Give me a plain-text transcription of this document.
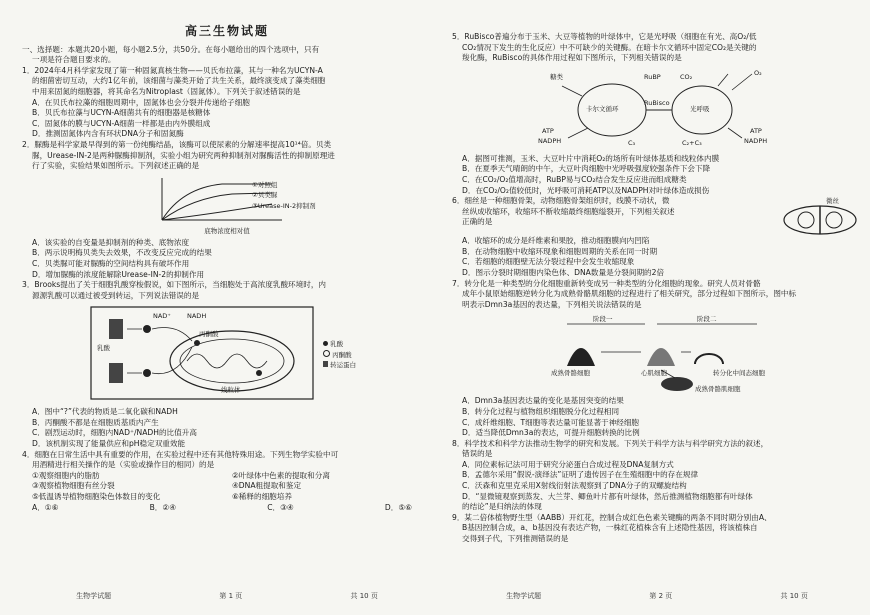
高三生物试题

一、选择题：本题共20小题，每小题2.5分，共50分。在每小题给出的四个选项中，只有

一项是符合题目要求的。

1．2024年4月科学家发现了第一种固氮真核生物——贝氏布拉藻，其与一种名为UCYN-A

的细菌密切互动，大约1亿年前，该细菌与藻类开始了共生关系，最终演变成了藻类细胞

中用来固氮的细胞器，将其命名为Nitroplast（固氮体）。下列关于叙述错误的是

A．在贝氏布拉藻的细胞周期中，固氮体也会分裂并传递给子细胞

B．贝氏布拉藻与UCYN-A细菌共有的细胞器是核糖体

C．固氮体的膜与UCYN-A细菌一样都是由内外膜组成

D．推测固氮体内含有环状DNA分子和固氮酶

2．脲酶是科学家最早得到的第一份纯酶结晶，该酶可以使尿素的分解速率提高10¹⁴倍。贝类

脲，Urease-IN-2是两种脲酶抑制剂，实验小组为研究两种抑制剂对脲酶活性的抑制原理进

行了实验，实验结果如图所示。下列叙述正确的是

①对照组
②贝类脲
③Urease-IN-2抑制剂
底物浓度相对值

A．该实验的自变量是抑制剂的种类、底物浓度

B．两示说明梅贝类失去效果，不改变反应完成的结果

C．贝类脲可能对脲酶的空间结构具有破坏作用

D．增加脲酶的浓度能解除Urease-IN-2的抑制作用

3．Brooks提出了关于细胞乳酸穿梭假说，如下图所示，当细胞处于高浓度乳酸环境时，内

源源乳酸可以通过被受到转运，下列说法错误的是

NAD⁺	NADH
乳酸
丙酮酸
线粒体
乳酸
丙酮酸
转运蛋白

A．图中“?”代表的物质是二氧化碳和NADH

B．丙酮酸不都是在细胞质基质内产生

C．剧烈运动时，细胞内NAD⁺/NADH的比值升高

D．该机制实现了能量供应和pH稳定双重效能

4．细胞在日常生活中具有重要的作用，在实验过程中还有其他特殊用途。下列生物学实验中可

用酒精进行相关操作的是（实验或操作目的相同）的是

①观察细胞内的脂肪	②叶绿体中色素的提取和分离
③观察植物细胞有丝分裂	④DNA粗提取和鉴定
⑤低温诱导植物细胞染色体数目的变化	⑥稀释的细胞培养
A．①⑥	B．②④	C．③④	D．⑤⑥
生物学试题	第 1 页	共 10 页

5．RuBisco普遍分布于玉米、大豆等植物的叶绿体中，它是光呼吸（细胞在有光、高O₂/低

CO₂情况下发生的生化反应）中不可缺少的关键酶。在暗卡尔文循环中固定CO₂是关键的

羧化酶，RuBisco的具体作用过程如下图所示，下列相关错误的是

糖类	RuBP	CO₂	O₂
卡尔文循环
RuBisco
光呼吸
ATP
NADPH	C₃	C₂+C₃
ATP
NADPH

A．据图可推测，玉米、大豆叶片中消耗O₂的场所有叶绿体基质和线粒体内膜

B．在夏季天气晴朗的中午，大豆叶肉细胞中光呼吸强度较强条件下会下降

C．在CO₂/O₂值增高时，RuBP易与CO₂结合发生反应进而组成糖类

D．在CO₂/O₂值较低时，光呼吸可消耗ATP以及NADPH对叶绿体造成损伤

6．细丝是一种细胞骨架，动物细胞骨架组织时，线膜不动状，微

丝纵成收缩环，收缩环不断收缩最终细胞缢裂开，下列相关叙述

正确的是

微丝

A．收缩环的成分是纤维素和果胶，推动细胞膜向内凹陷

B．在动物细胞中收缩环现象和细胞周期的关系在同一时期

C．若细胞的细胞壁无法分裂过程中会发生收缩现象

D．图示分裂时期细胞内染色体、DNA数量是分裂间期的2倍

7．转分化是一种类型的分化细胞重新转变成另一种类型的分化细胞的现象。研究人员对骨骼

成年小鼠原始细胞逆转分化为成熟骨骼肌细胞的过程进行了相关研究，部分过程如下图所示，图中标

明表示Dmn3a基因的表达量，下列相关说法错误的是

阶段一	阶段二
成熟骨骼细胞	心肌细胞	转分化中间态细胞
成熟骨骼肌细胞

A．Dmn3a基因表达量的变化是基因突变的结果

B．转分化过程与植物组织细胞脱分化过程相同

C．成纤维细胞、T细胞等表达量可能显著于神经细胞

D．适当降低Dmn3a的表达，可提升细胞转换的比例

8．科学技术和科学方法推动生物学的研究和发展。下列关于科学方法与科学研究方法的叙述，

错误的是

A．同位素标记法可用于研究分泌蛋白合成过程及DNA复制方式

B．孟德尔采用“假说-演绎法”证明了遗传因子在生殖细胞中的存在规律

C．沃森和克里克采用X射线衍射法观察到了DNA分子的双螺旋结构

D．“显微镜观察到蒸发、大兰芽、鲫鱼叶片都有叶绿体，然后推测植物细胞都有叶绿体

的结论”是归纳法的体现

9．某二倍体植物野生型（AABB）开红花，控制合成红色色素关键酶的两条不同时期分别由A、

B基因控制合成，a、b基因没有表达产物，一株红花植株含有上述隐性基因，将该植株自

交得到子代，下列推测错误的是

生物学试题	第 2 页	共 10 页
